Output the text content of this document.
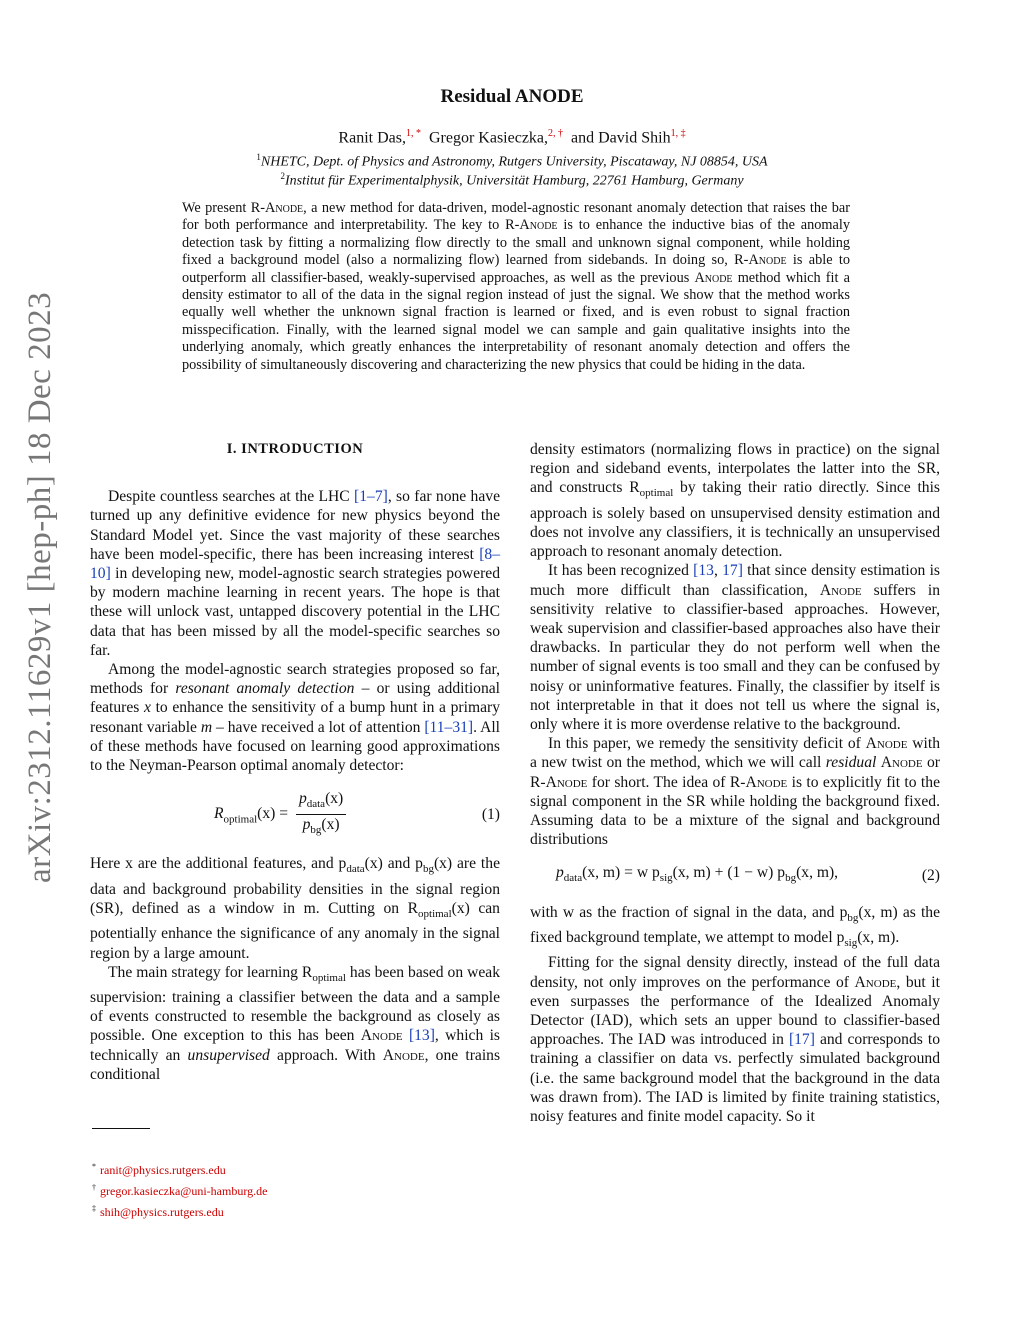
arXiv:2312.11629v1 [hep-ph] 18 Dec 2023
Residual ANODE
Ranit Das,$^{1, *}$ Gregor Kasieczka,$^{2, \dagger}$ and David Shih$^{1, \ddagger}$
$^1$NHETC, Dept. of Physics and Astronomy, Rutgers University, Piscataway, NJ 08854, USA
$^2$Institut für Experimentalphysik, Universität Hamburg, 22761 Hamburg, Germany
We present R-Anode, a new method for data-driven, model-agnostic resonant anomaly detection that raises the bar for both performance and interpretability. The key to R-Anode is to enhance the inductive bias of the anomaly detection task by fitting a normalizing flow directly to the small and unknown signal component, while holding fixed a background model (also a normalizing flow) learned from sidebands. In doing so, R-Anode is able to outperform all classifier-based, weakly-supervised approaches, as well as the previous Anode method which fit a density estimator to all of the data in the signal region instead of just the signal. We show that the method works equally well whether the unknown signal fraction is learned or fixed, and is even robust to signal fraction misspecification. Finally, with the learned signal model we can sample and gain qualitative insights into the underlying anomaly, which greatly enhances the interpretability of resonant anomaly detection and offers the possibility of simultaneously discovering and characterizing the new physics that could be hiding in the data.
I. INTRODUCTION

Despite countless searches at the LHC [1–7], so far none have turned up any definitive evidence for new physics beyond the Standard Model yet. Since the vast majority of these searches have been model-specific, there has been increasing interest [8–10] in developing new, model-agnostic search strategies powered by modern machine learning in recent years. The hope is that these will unlock vast, untapped discovery potential in the LHC data that has been missed by all the model-specific searches so far.

Among the model-agnostic search strategies proposed so far, methods for resonant anomaly detection – or using additional features x to enhance the sensitivity of a bump hunt in a primary resonant variable m – have received a lot of attention [11–31]. All of these methods have focused on learning good approximations to the Neyman-Pearson optimal anomaly detector:

$R_{optimal}(x) = \frac{p_{data}(x)}{p_{bg}(x)}$	(1)

Here x are the additional features, and $p_{data}(x)$ and $p_{bg}(x)$ are the data and background probability densities in the signal region (SR), defined as a window in m. Cutting on $R_{optimal}(x)$ can potentially enhance the significance of any anomaly in the signal region by a large amount.

The main strategy for learning $R_{optimal}$ has been based on weak supervision: training a classifier between the data and a sample of events constructed to resemble the background as closely as possible. One exception to this has been Anode [13], which is technically an unsupervised approach. With Anode, one trains conditional

density estimators (normalizing flows in practice) on the signal region and sideband events, interpolates the latter into the SR, and constructs $R_{optimal}$ by taking their ratio directly. Since this approach is solely based on unsupervised density estimation and does not involve any classifiers, it is technically an unsupervised approach to resonant anomaly detection.

It has been recognized [13, 17] that since density estimation is much more difficult than classification, Anode suffers in sensitivity relative to classifier-based approaches. However, weak supervision and classifier-based approaches also have their drawbacks. In particular they do not perform well when the number of signal events is too small and they can be confused by noisy or uninformative features. Finally, the classifier by itself is not interpretable in that it does not tell us where the signal is, only where it is more overdense relative to the background.

In this paper, we remedy the sensitivity deficit of Anode with a new twist on the method, which we will call residual Anode or R-Anode for short. The idea of R-Anode is to explicitly fit to the signal component in the SR while holding the background fixed. Assuming data to be a mixture of the signal and background distributions

$p_{data}(x$, m) = w $p_{sig}(x$, m) + (1 − w) $p_{bg}(x$, m),	(2)

with w as the fraction of signal in the data, and $p_{bg}(x$, m) as the fixed background template, we attempt to model $p_{sig}(x$, m).

Fitting for the signal density directly, instead of the full data density, not only improves on the performance of Anode, but it even surpasses the performance of the Idealized Anomaly Detector (IAD), which sets an upper bound to classifier-based approaches. The IAD was introduced in [17] and corresponds to training a classifier on data vs. perfectly simulated background (i.e. the same background model that the background in the data was drawn from). The IAD is limited by finite training statistics, noisy features and finite model capacity. So it

* ranit@physics.rutgers.edu
† gregor.kasieczka@uni-hamburg.de
‡ shih@physics.rutgers.edu
